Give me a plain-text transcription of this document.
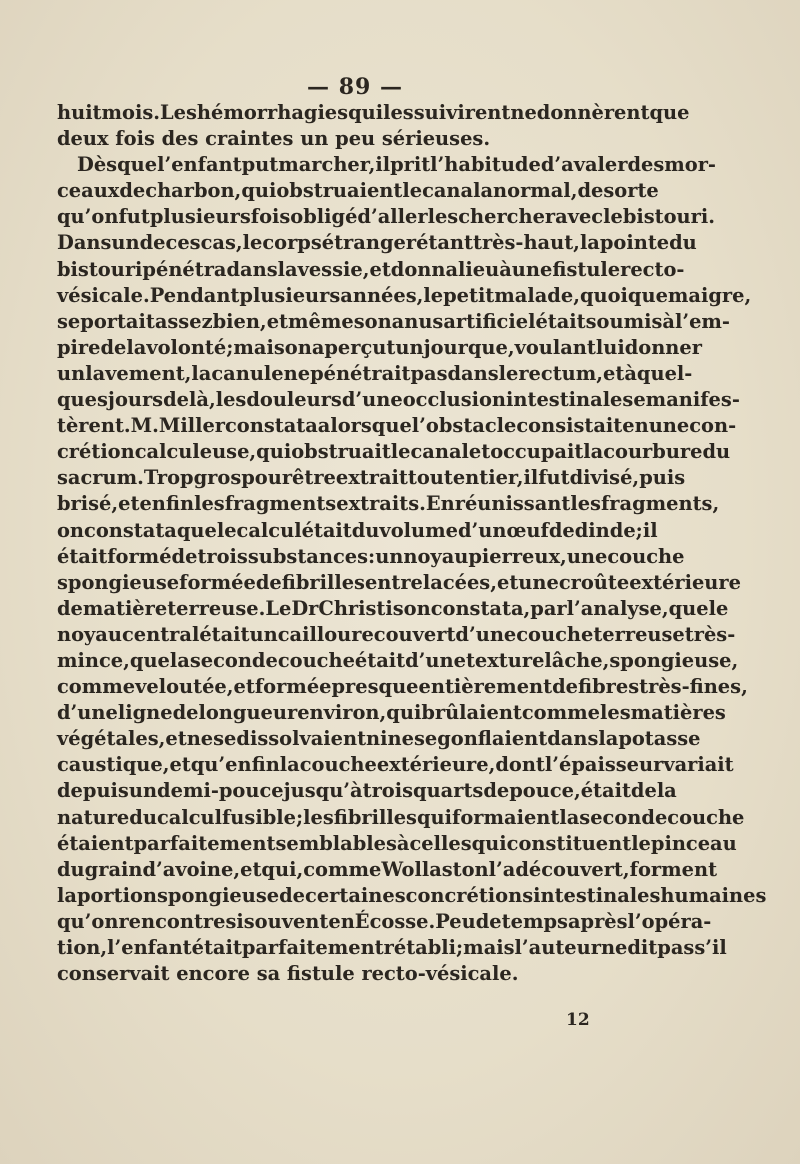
— 89 —
huit mois. Les hémorrhagies qui les suivirent ne donnèrent que
deux fois des craintes un peu sérieuses.
Dès que l’enfant put marcher, il prit l’habitude d’avaler des mor-
ceaux de charbon, qui obstruaient le canal anormal, de sorte
qu’on fut plusieurs fois obligé d’aller les chercher avec le bistouri.
Dans un de ces cas, le corps étranger étant très-haut, la pointe du
bistouri pénétra dans la vessie, et donna lieu à une fistule recto-
vésicale. Pendant plusieurs années, le petit malade, quoique maigre,
se portait assez bien, et même son anus artificiel était soumis à l’em-
pire de la volonté; mais on aperçut un jour que, voulant lui donner
un lavement, la canule ne pénétrait pas dans le rectum, et à quel-
ques jours de là, les douleurs d’une occlusion intestinale se manifes-
tèrent. M. Miller constata alors que l’obstacle consistait en une con-
crétion calculeuse, qui obstruait le canal et occupait la courbure du
sacrum. Trop gros pour être extrait tout entier, il fut divisé, puis
brisé, et enfin les fragments extraits. En réunissant les fragments,
on constata que le calcul était du volume d’un œuf de dinde; il
était formé de trois substances : un noyau pierreux, une couche
spongieuse formée de fibrilles entrelacées, et une croûte extérieure
de matière terreuse. Le Dr Christison constata, par l’analyse, que le
noyau central était un caillou recouvert d’une couche terreuse très-
mince, que la seconde couche était d’une texture lâche, spongieuse,
comme veloutée, et formée presque entièrement de fibres très-fines,
d’une ligne de longueur environ, qui brûlaient comme les matières
végétales, et ne se dissolvaient ni ne se gonflaient dans la potasse
caustique, et qu’enfin la couche extérieure, dont l’épaisseur variait
depuis un demi-pouce jusqu’à trois quarts de pouce, était de la
nature du calcul fusible; les fibrilles qui formaient la seconde couche
étaient parfaitement semblables à celles qui constituent le pinceau
du grain d’avoine, et qui, comme Wollaston l’a découvert, forment
la portion spongieuse de certaines concrétions intestinales humaines
qu’on rencontre si souvent en Écosse. Peu de temps après l’opéra-
tion, l’enfant était parfaitement rétabli; mais l’auteur ne dit pas s’il
conservait encore sa fistule recto-vésicale.
12
